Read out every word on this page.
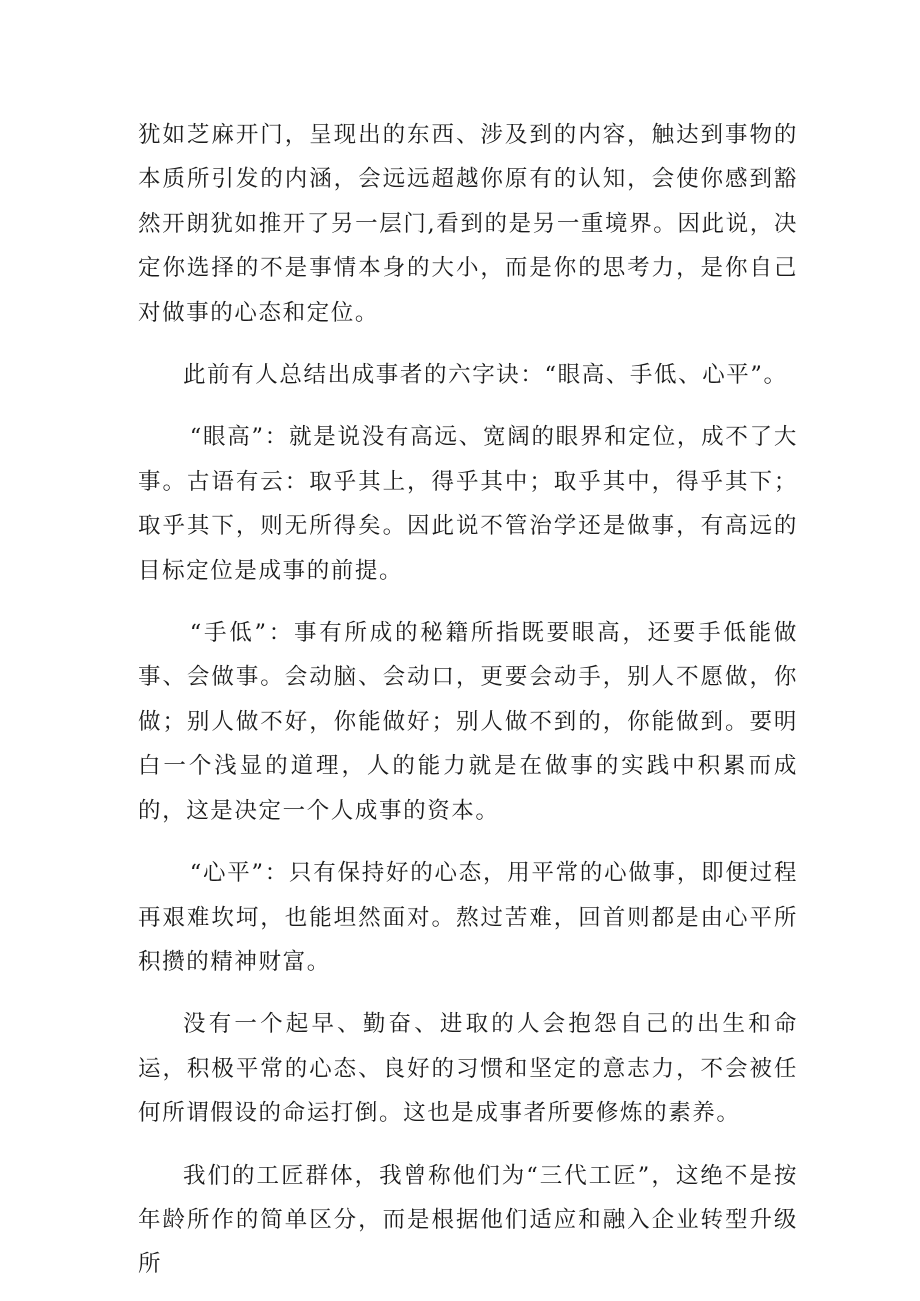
犹如芝麻开门，呈现出的东西、涉及到的内容，触达到事物的本质所引发的内涵，会远远超越你原有的认知，会使你感到豁然开朗犹如推开了另一层门,看到的是另一重境界。因此说，决定你选择的不是事情本身的大小，而是你的思考力，是你自己对做事的心态和定位。

此前有人总结出成事者的六字诀：“眼高、手低、心平”。

“眼高”：就是说没有高远、宽阔的眼界和定位，成不了大事。古语有云：取乎其上，得乎其中；取乎其中，得乎其下；取乎其下，则无所得矣。因此说不管治学还是做事，有高远的目标定位是成事的前提。

“手低”：事有所成的秘籍所指既要眼高，还要手低能做事、会做事。会动脑、会动口，更要会动手，别人不愿做，你做；别人做不好，你能做好；别人做不到的，你能做到。要明白一个浅显的道理，人的能力就是在做事的实践中积累而成的，这是决定一个人成事的资本。

“心平”：只有保持好的心态，用平常的心做事，即便过程再艰难坎坷，也能坦然面对。熬过苦难，回首则都是由心平所积攒的精神财富。

没有一个起早、勤奋、进取的人会抱怨自己的出生和命运，积极平常的心态、良好的习惯和坚定的意志力，不会被任何所谓假设的命运打倒。这也是成事者所要修炼的素养。

我们的工匠群体，我曾称他们为“三代工匠”，这绝不是按年龄所作的简单区分，而是根据他们适应和融入企业转型升级所
